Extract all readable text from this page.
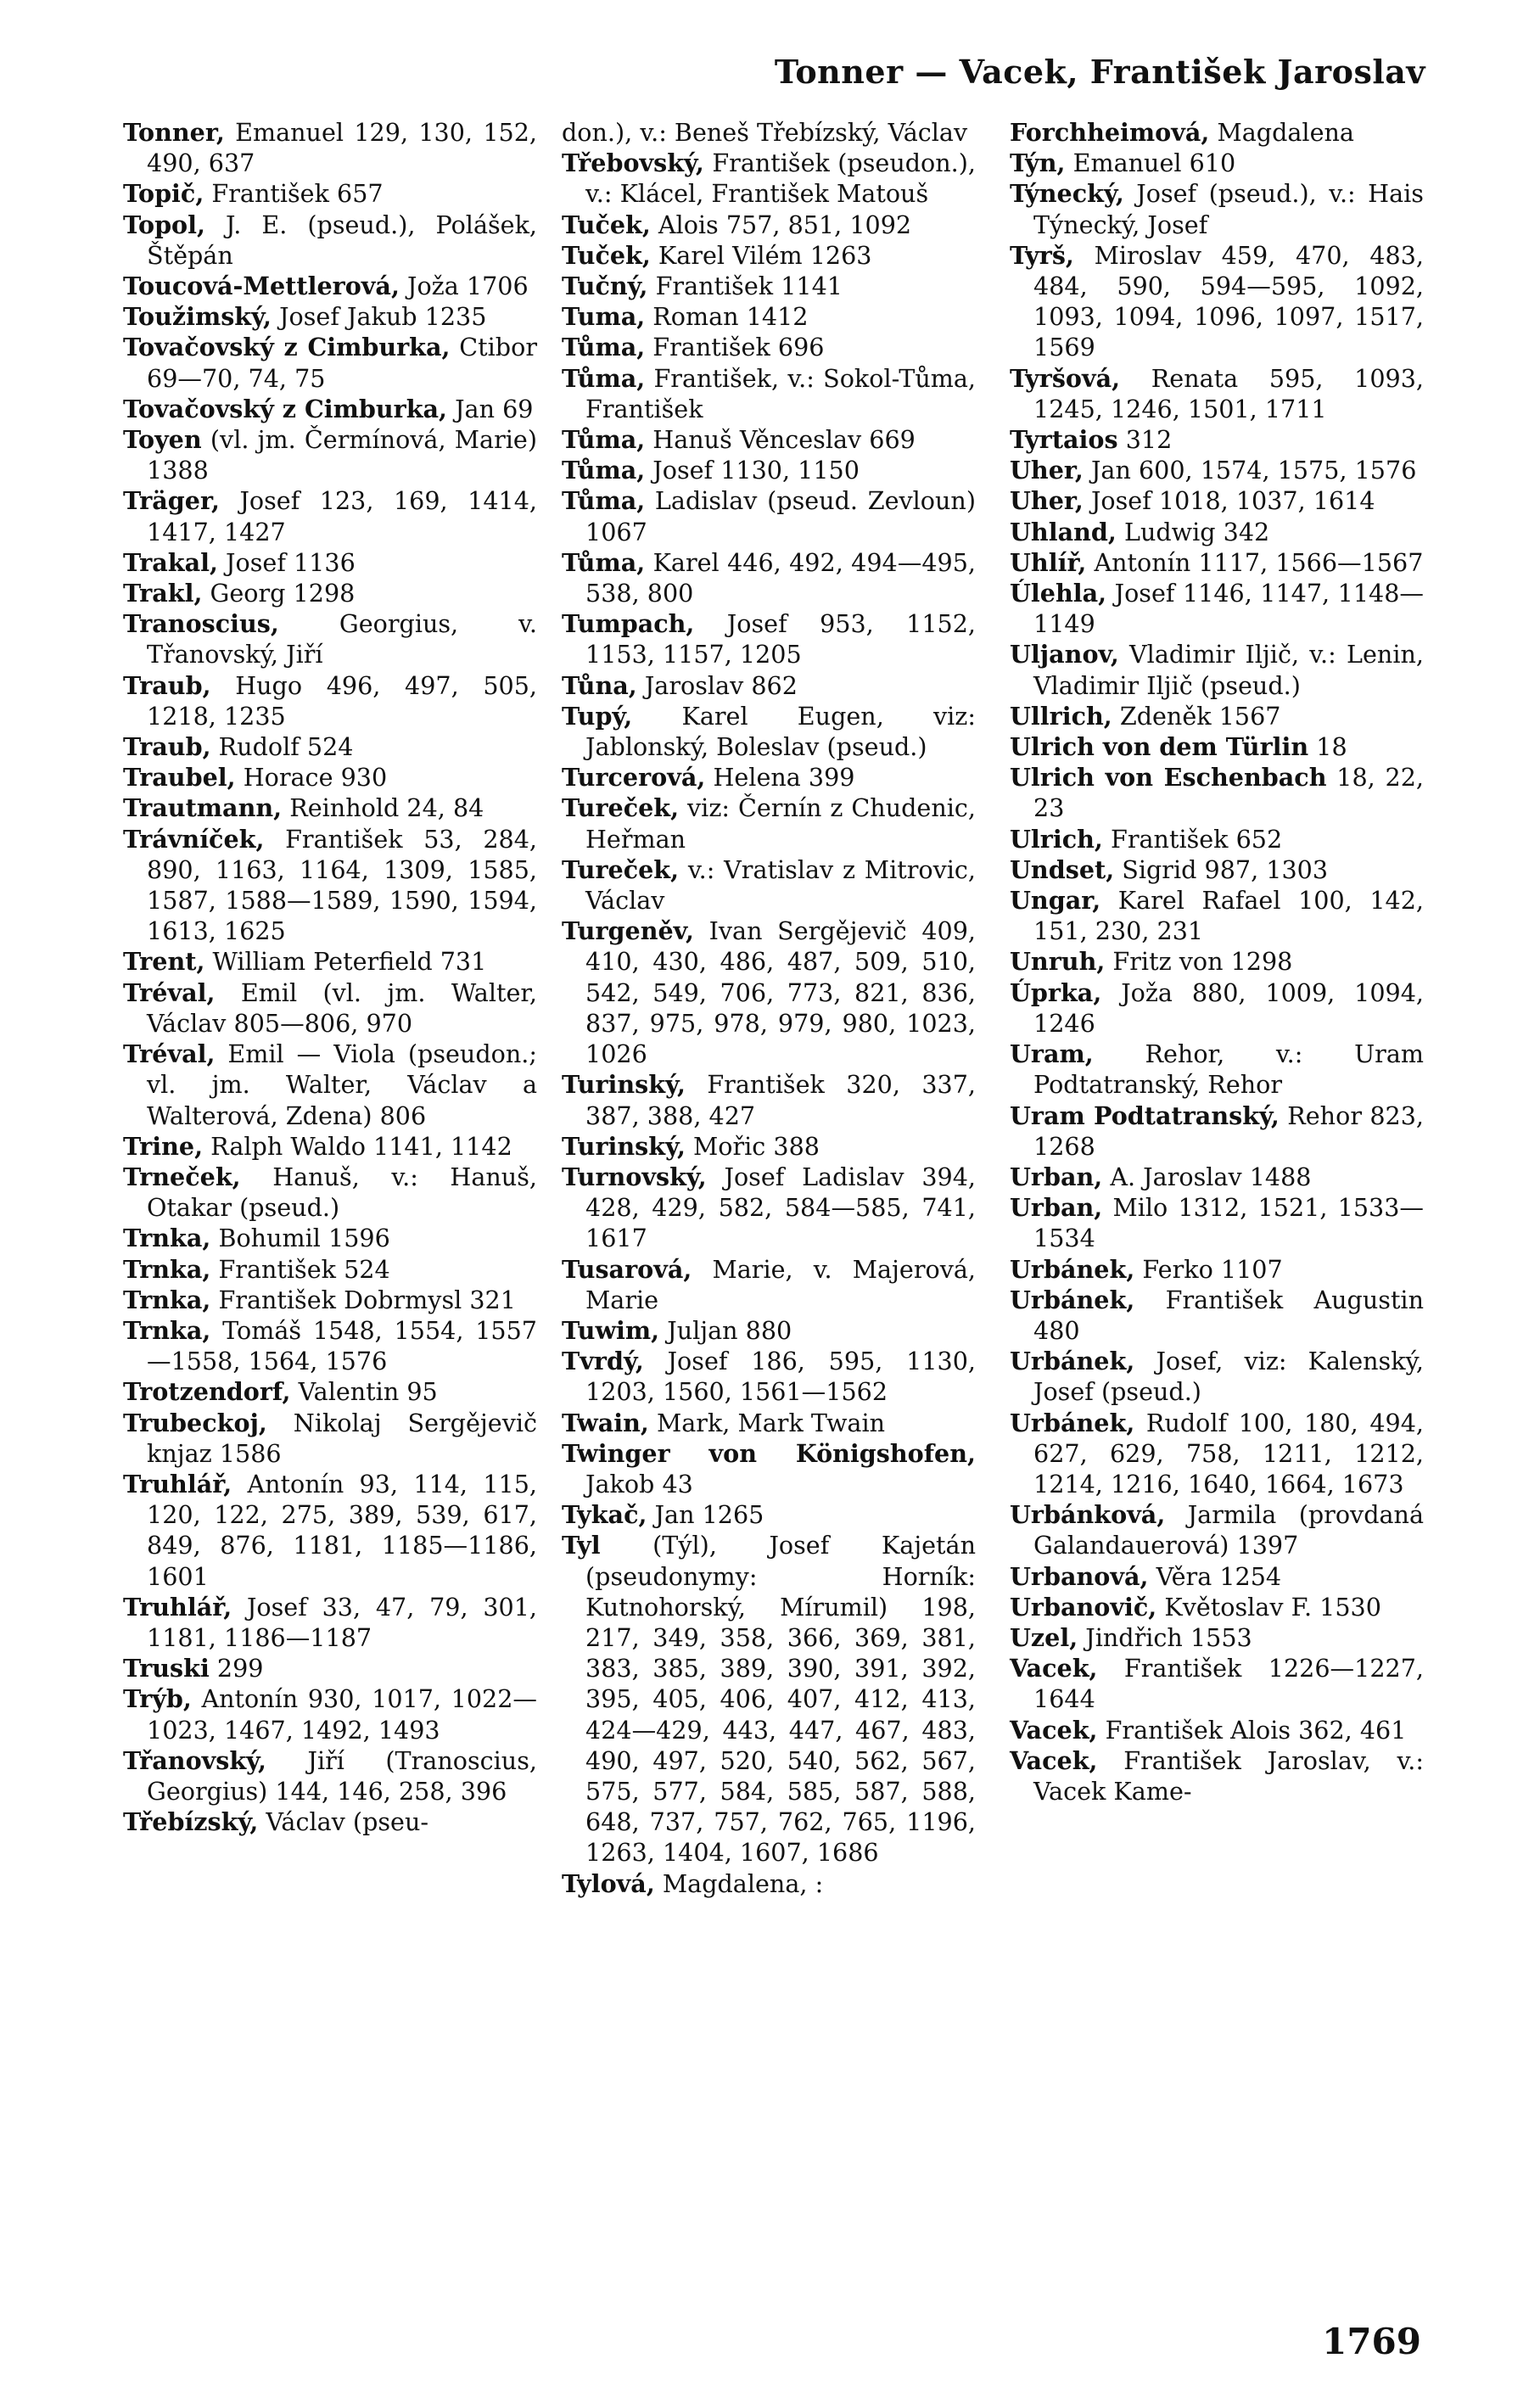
Tonner — Vacek, František Jaroslav
Tonner, Emanuel 129, 130, 152, 490, 637
Topič, František 657
Topol, J. E. (pseud.), Polášek, Štěpán
Toucová-Mettlerová, Joža 1706
Toužimský, Josef Jakub 1235
Tovačovský z Cimburka, Ctibor 69—70, 74, 75
Tovačovský z Cimburka, Jan 69
Toyen (vl. jm. Čermínová, Marie) 1388
Träger, Josef 123, 169, 1414, 1417, 1427
Trakal, Josef 1136
Trakl, Georg 1298
Tranoscius, Georgius, v. Třanovský, Jiří
Traub, Hugo 496, 497, 505, 1218, 1235
Traub, Rudolf 524
Traubel, Horace 930
Trautmann, Reinhold 24, 84
Trávníček, František 53, 284, 890, 1163, 1164, 1309, 1585, 1587, 1588—1589, 1590, 1594, 1613, 1625
Trent, William Peterfield 731
Tréval, Emil (vl. jm. Walter, Václav 805—806, 970
Tréval, Emil — Viola (pseudon.; vl. jm. Walter, Václav a Walterová, Zdena) 806
Trine, Ralph Waldo 1141, 1142
Trneček, Hanuš, v.: Hanuš, Otakar (pseud.)
Trnka, Bohumil 1596
Trnka, František 524
Trnka, František Dobrmysl 321
Trnka, Tomáš 1548, 1554, 1557—1558, 1564, 1576
Trotzendorf, Valentin 95
Trubeckoj, Nikolaj Sergějevič knjaz 1586
Truhlář, Antonín 93, 114, 115, 120, 122, 275, 389, 539, 617, 849, 876, 1181, 1185—1186, 1601
Truhlář, Josef 33, 47, 79, 301, 1181, 1186—1187
Truski 299
Trýb, Antonín 930, 1017, 1022—1023, 1467, 1492, 1493
Třanovský, Jiří (Tranoscius, Georgius) 144, 146, 258, 396
Třebízský, Václav (pseu-
don.), v.: Beneš Třebízský, Václav
Třebovský, František (pseudon.), v.: Klácel, František Matouš
Tuček, Alois 757, 851, 1092
Tuček, Karel Vilém 1263
Tučný, František 1141
Tuma, Roman 1412
Tůma, František 696
Tůma, František, v.: Sokol-Tůma, František
Tůma, Hanuš Věnceslav 669
Tůma, Josef 1130, 1150
Tůma, Ladislav (pseud. Zevloun) 1067
Tůma, Karel 446, 492, 494—495, 538, 800
Tumpach, Josef 953, 1152, 1153, 1157, 1205
Tůna, Jaroslav 862
Tupý, Karel Eugen, viz: Jablonský, Boleslav (pseud.)
Turcerová, Helena 399
Tureček, viz: Černín z Chudenic, Heřman
Tureček, v.: Vratislav z Mitrovic, Václav
Turgeněv, Ivan Sergějevič 409, 410, 430, 486, 487, 509, 510, 542, 549, 706, 773, 821, 836, 837, 975, 978, 979, 980, 1023, 1026
Turinský, František 320, 337, 387, 388, 427
Turinský, Mořic 388
Turnovský, Josef Ladislav 394, 428, 429, 582, 584—585, 741, 1617
Tusarová, Marie, v. Majerová, Marie
Tuwim, Juljan 880
Tvrdý, Josef 186, 595, 1130, 1203, 1560, 1561—1562
Twain, Mark, Mark Twain
Twinger von Königshofen, Jakob 43
Tykač, Jan 1265
Tyl (Týl), Josef Kajetán (pseudonymy: Horník: Kutnohorský, Mírumil) 198, 217, 349, 358, 366, 369, 381, 383, 385, 389, 390, 391, 392, 395, 405, 406, 407, 412, 413, 424—429, 443, 447, 467, 483, 490, 497, 520, 540, 562, 567, 575, 577, 584, 585, 587, 588, 648, 737, 757, 762, 765, 1196, 1263, 1404, 1607, 1686
Tylová, Magdalena, :
Forchheimová, Magdalena
Týn, Emanuel 610
Týnecký, Josef (pseud.), v.: Hais Týnecký, Josef
Tyrš, Miroslav 459, 470, 483, 484, 590, 594—595, 1092, 1093, 1094, 1096, 1097, 1517, 1569
Tyršová, Renata 595, 1093, 1245, 1246, 1501, 1711
Tyrtaios 312
Uher, Jan 600, 1574, 1575, 1576
Uher, Josef 1018, 1037, 1614
Uhland, Ludwig 342
Uhlíř, Antonín 1117, 1566—1567
Úlehla, Josef 1146, 1147, 1148—1149
Uljanov, Vladimir Iljič, v.: Lenin, Vladimir Iljič (pseud.)
Ullrich, Zdeněk 1567
Ulrich von dem Türlin 18
Ulrich von Eschenbach 18, 22, 23
Ulrich, František 652
Undset, Sigrid 987, 1303
Ungar, Karel Rafael 100, 142, 151, 230, 231
Unruh, Fritz von 1298
Úprka, Joža 880, 1009, 1094, 1246
Uram, Rehor, v.: Uram Podtatranský, Rehor
Uram Podtatranský, Rehor 823, 1268
Urban, A. Jaroslav 1488
Urban, Milo 1312, 1521, 1533—1534
Urbánek, Ferko 1107
Urbánek, František Augustin 480
Urbánek, Josef, viz: Kalenský, Josef (pseud.)
Urbánek, Rudolf 100, 180, 494, 627, 629, 758, 1211, 1212, 1214, 1216, 1640, 1664, 1673
Urbánková, Jarmila (provdaná Galandauerová) 1397
Urbanová, Věra 1254
Urbanovič, Květoslav F. 1530
Uzel, Jindřich 1553
Vacek, František 1226—1227, 1644
Vacek, František Alois 362, 461
Vacek, František Jaroslav, v.: Vacek Kame-
1769
